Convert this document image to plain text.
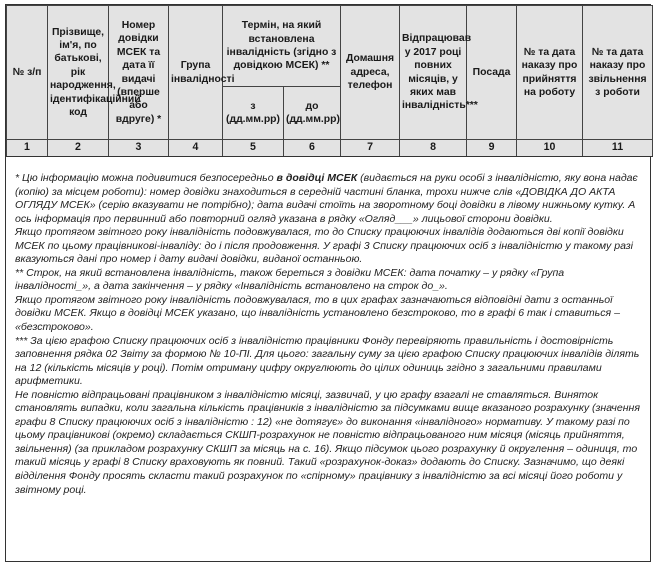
№ з/п	Прізвище, ім'я, по батькові, рік народження, ідентифікаційний код	Номер довідки МСЕК та дата її видачі (вперше або вдруге) *	Група інвалідності	Термін, на який встановлена інвалідність (згідно з довідкою МСЕК) **		Домашня адреса, телефон	Відпрацював у 2017 році повних місяців, у яких мав інвалідність***	Посада	№ та дата наказу про прийняття на роботу	№ та дата наказу про звільнення з роботи
				з (дд.мм.рр)	до (дд.мм.рр)					
1	2	3	4	5	6	7	8	9	10	11

* Цю інформацію можна подивитися безпосередньо в довідці МСЕК (видається на руки особі з інвалідністю, яку вона надає (копію) за місцем роботи): номер довідки знаходиться в середній частині бланка, трохи нижче слів «ДОВІДКА ДО АКТА ОГЛЯДУ МСЕК» (серію вказувати не потрібно); дата видачі стоїть на зворотному боці довідки в лівому нижньому кутку. А ось інформація про первинний або повторний огляд указана в рядку «Огляд___» лицьової сторони довідки.

Якщо протягом звітного року інвалідність подовжувалася, то до Списку працюючих інвалідів додаються дві копії довідки МСЕК по цьому працівникові-інваліду: до і після продовження. У графі 3 Списку працюючих осіб з інвалідністю у такому разі вказуються дані про номер і дату видачі довідки, виданої останньою.

** Строк, на який встановлена інвалідність, також береться з довідки МСЕК: дата початку – у рядку «Група інвалідності_», а дата закінчення – у рядку «Інвалідність встановлено на строк до_».

Якщо протягом звітного року інвалідність подовжувалася, то в цих графах зазначаються відповідні дати з останньої довідки МСЕК. Якщо в довідці МСЕК указано, що інвалідність установлено безстроково, то в графі 6 так і ставиться – «безстроково».

*** За цією графою Списку працюючих осіб з інвалідністю працівники Фонду перевіряють правильність і достовірність заповнення рядка 02 Звіту за формою № 10-ПІ. Для цього: загальну суму за цією графою Списку працюючих інвалідів ділять на 12 (кількість місяців у році). Потім отриману цифру округлюють до цілих одиниць згідно з загальними правилами арифметики.

Не повністю відпрацьовані працівником з інвалідністю місяці, зазвичай, у цю графу взагалі не ставляться. Виняток становлять випадки, коли загальна кількість працівників з інвалідністю за підсумками вище вказаного розрахунку (значення графи 8 Списку працюючих осіб з інвалідністю : 12) «не дотягує» до виконання «інвалідного» нормативу. У такому разі по цьому працівникові (окремо) складається СКШП-розрахунок не повністю відпрацьованого ним місяця (місяць прийняття, звільнення) (за прикладом розрахунку СКШП за місяць на с. 16). Якщо підсумок цього розрахунку й округлення – одиниця, то такий місяць у графі 8 Списку враховують як повний. Такий «розрахунок-доказ» додають до Списку. Зазначимо, що деякі відділення Фонду просять скласти такий розрахунок по «спірному» працівнику з інвалідністю за всі місяці його роботи у звітному році.
